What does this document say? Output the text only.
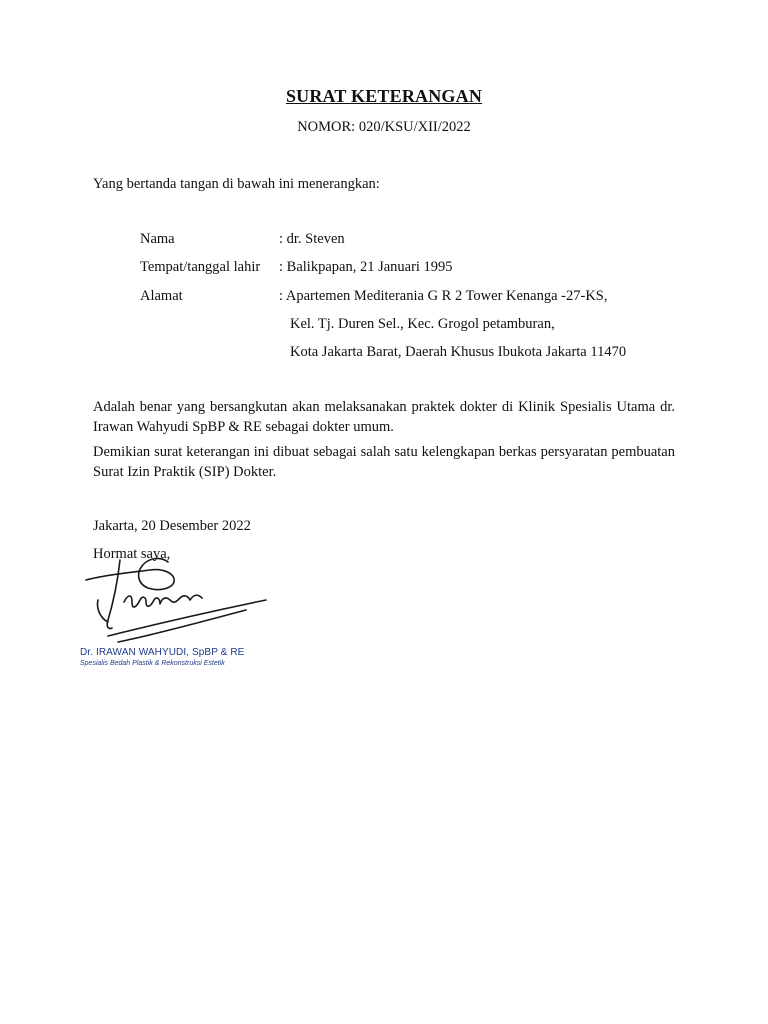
SURAT KETERANGAN
NOMOR: 020/KSU/XII/2022
Yang bertanda tangan di bawah ini menerangkan:
Nama	: dr. Steven
Tempat/tanggal lahir : Balikpapan, 21 Januari 1995
Alamat	: Apartemen Mediterania G R 2 Tower Kenanga -27-KS,
Kel. Tj. Duren Sel., Kec. Grogol petamburan,
Kota Jakarta Barat, Daerah Khusus Ibukota Jakarta 11470
Adalah benar yang bersangkutan akan melaksanakan praktek dokter di Klinik Spesialis Utama dr. Irawan Wahyudi SpBP & RE sebagai dokter umum.
Demikian surat keterangan ini dibuat sebagai salah satu kelengkapan berkas persyaratan pembuatan Surat Izin Praktik (SIP) Dokter.
Jakarta, 20 Desember 2022
Hormat saya,
Dr. IRAWAN WAHYUDI, SpBP & RE
Spesialis Bedah Plastik & Rekonstruksi Estetik
